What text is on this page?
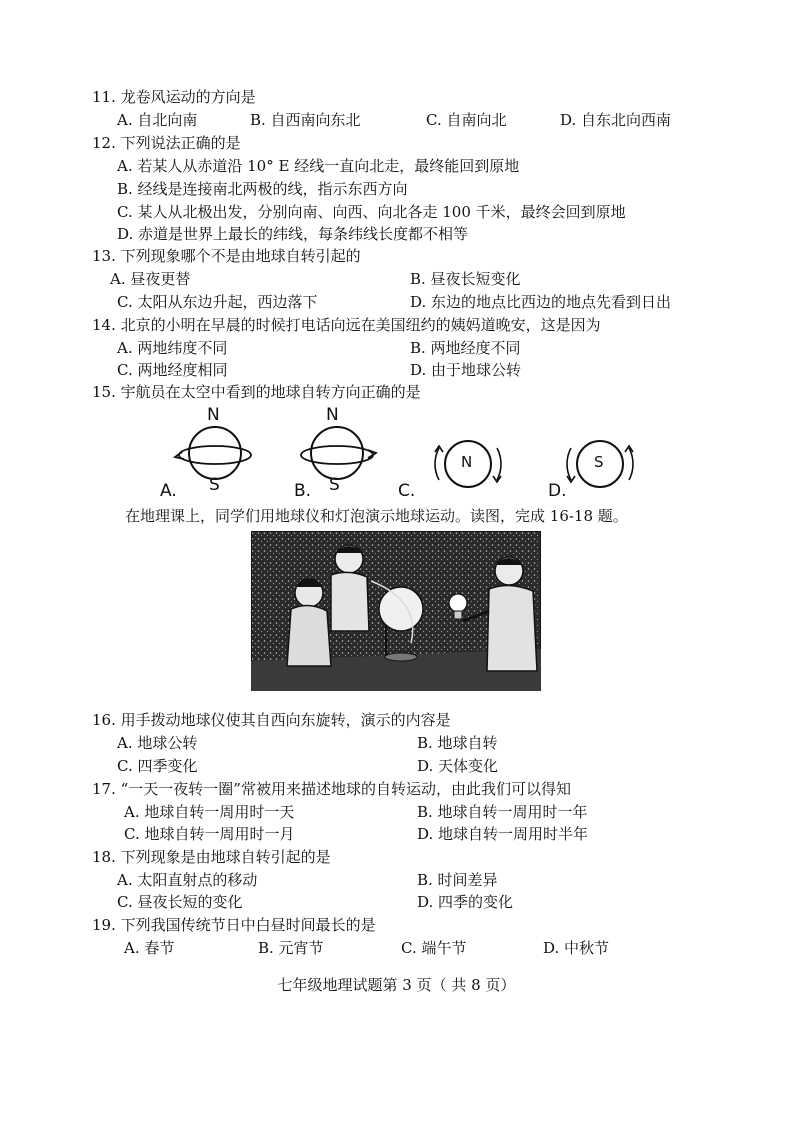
11. 龙卷风运动的方向是
A. 自北向南	B. 自西南向东北	C. 自南向北	D. 自东北向西南
12. 下列说法正确的是
A. 若某人从赤道沿 10° E 经线一直向北走，最终能回到原地
B. 经线是连接南北两极的线，指示东西方向
C. 某人从北极出发，分别向南、向西、向北各走 100 千米，最终会回到原地
D. 赤道是世界上最长的纬线，每条纬线长度都不相等
13. 下列现象哪个不是由地球自转引起的
A. 昼夜更替	B. 昼夜长短变化
C. 太阳从东边升起，西边落下	D. 东边的地点比西边的地点先看到日出
14. 北京的小明在早晨的时候打电话向远在美国纽约的姨妈道晚安，这是因为
A. 两地纬度不同	B. 两地经度不同
C. 两地经度相同	D. 由于地球公转
15. 宇航员在太空中看到的地球自转方向正确的是
N
S
A.
N
S
B.
N
C.
S
D.
在地理课上，同学们用地球仪和灯泡演示地球运动。读图，完成 16-18 题。
16. 用手拨动地球仪使其自西向东旋转，演示的内容是
A. 地球公转	B. 地球自转
C. 四季变化	D. 天体变化
17. “一天一夜转一圈”常被用来描述地球的自转运动，由此我们可以得知
A. 地球自转一周用时一天	B. 地球自转一周用时一年
C. 地球自转一周用时一月	D. 地球自转一周用时半年
18. 下列现象是由地球自转引起的是
A. 太阳直射点的移动	B. 时间差异
C. 昼夜长短的变化	D. 四季的变化
19. 下列我国传统节日中白昼时间最长的是
A. 春节	B. 元宵节	C. 端午节	D. 中秋节
七年级地理试题第 3 页（ 共 8 页）
